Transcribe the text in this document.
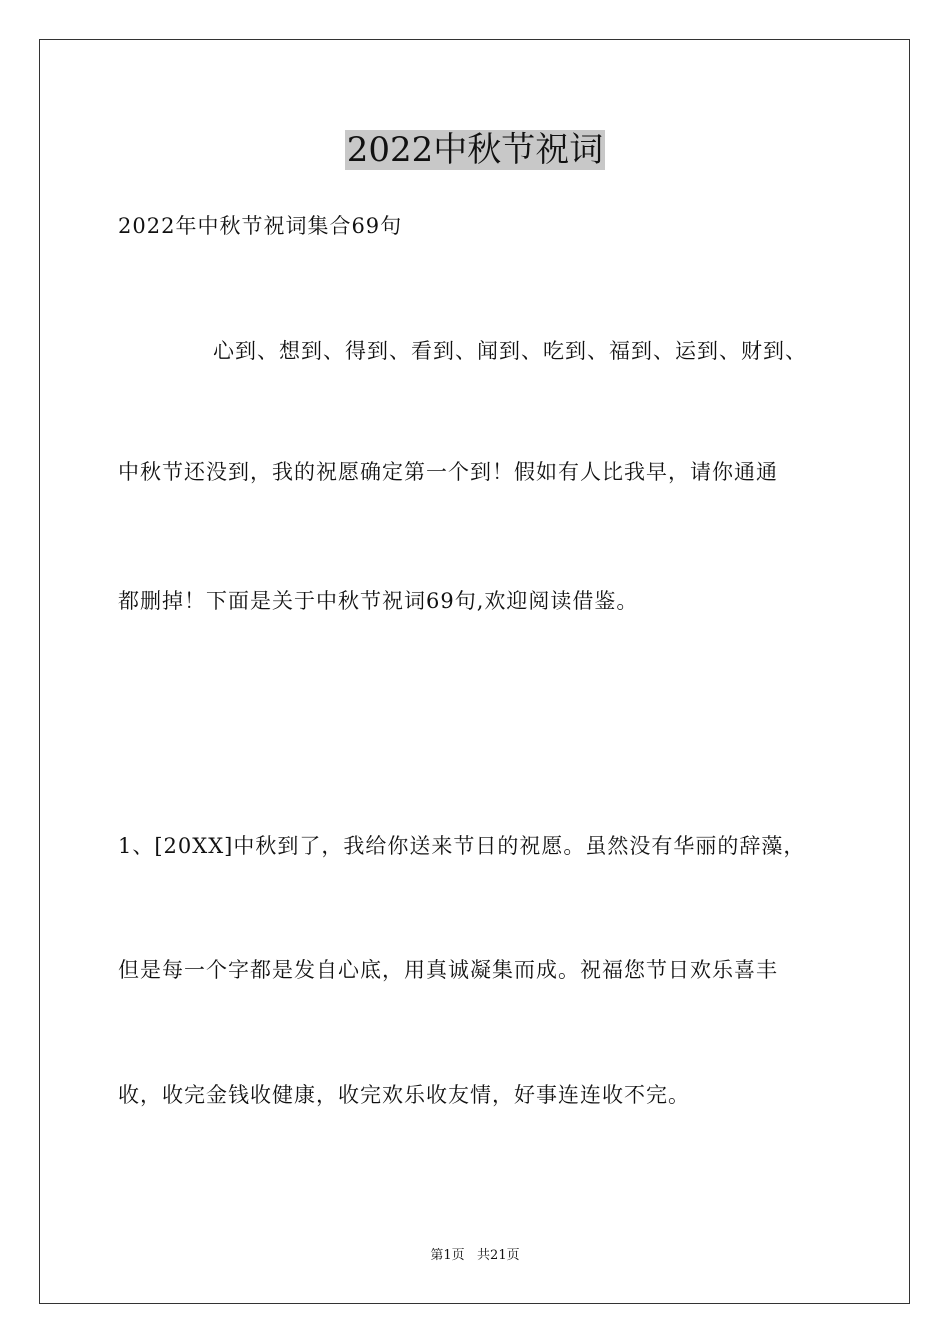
2022中秋节祝词
2022年中秋节祝词集合69句
心到、想到、得到、看到、闻到、吃到、福到、运到、财到、
中秋节还没到，我的祝愿确定第一个到！假如有人比我早，请你通通
都删掉！下面是关于中秋节祝词69句,欢迎阅读借鉴。
1、[20XX]中秋到了，我给你送来节日的祝愿。虽然没有华丽的辞藻，
但是每一个字都是发自心底，用真诚凝集而成。祝福您节日欢乐喜丰
收，收完金钱收健康，收完欢乐收友情，好事连连收不完。
第1页   共21页
